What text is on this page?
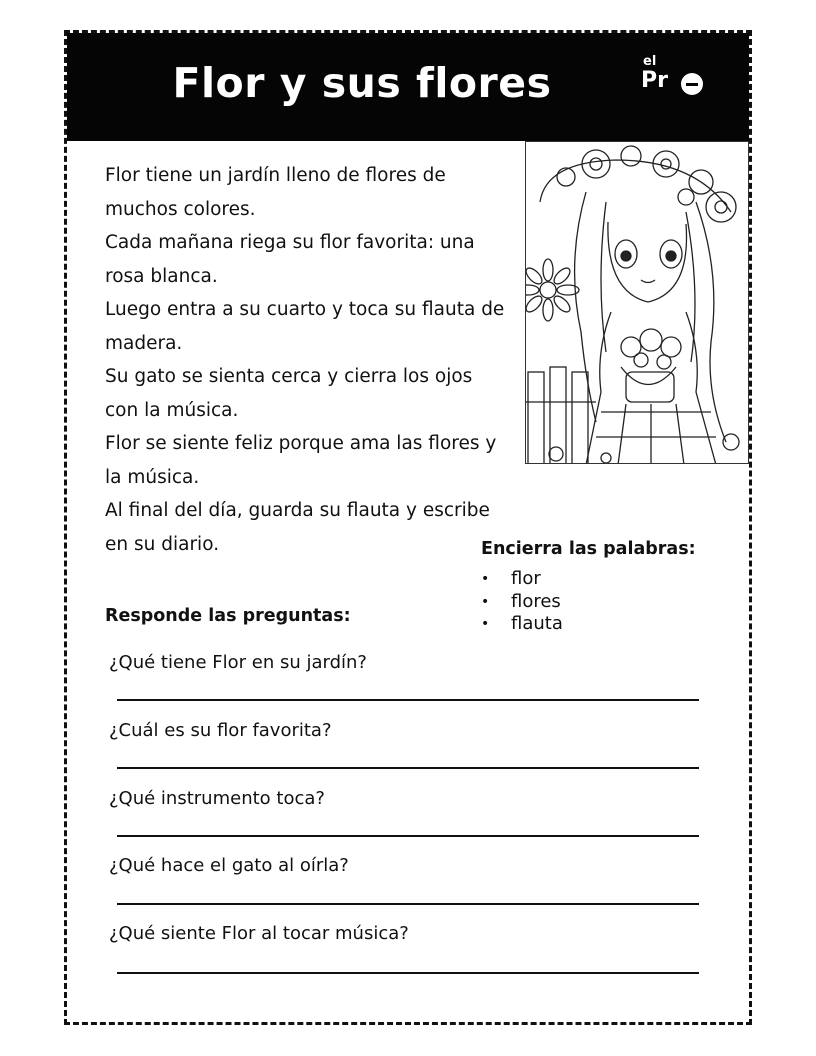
Flor y sus flores	el
Pr

Flor tiene un jardín lleno de flores de muchos colores.

Cada mañana riega su flor favorita: una rosa blanca.

Luego entra a su cuarto y toca su flauta de madera.

Su gato se sienta cerca y cierra los ojos con la música.

Flor se siente feliz porque ama las flores y la música.

Al final del día, guarda su flauta y escribe en su diario.	Encierra las palabras:
• flor
• flores
• flauta
Responde las preguntas:
¿Qué tiene Flor en su jardín?
¿Cuál es su flor favorita?
¿Qué instrumento toca?
¿Qué hace el gato al oírla?
¿Qué siente Flor al tocar música?
